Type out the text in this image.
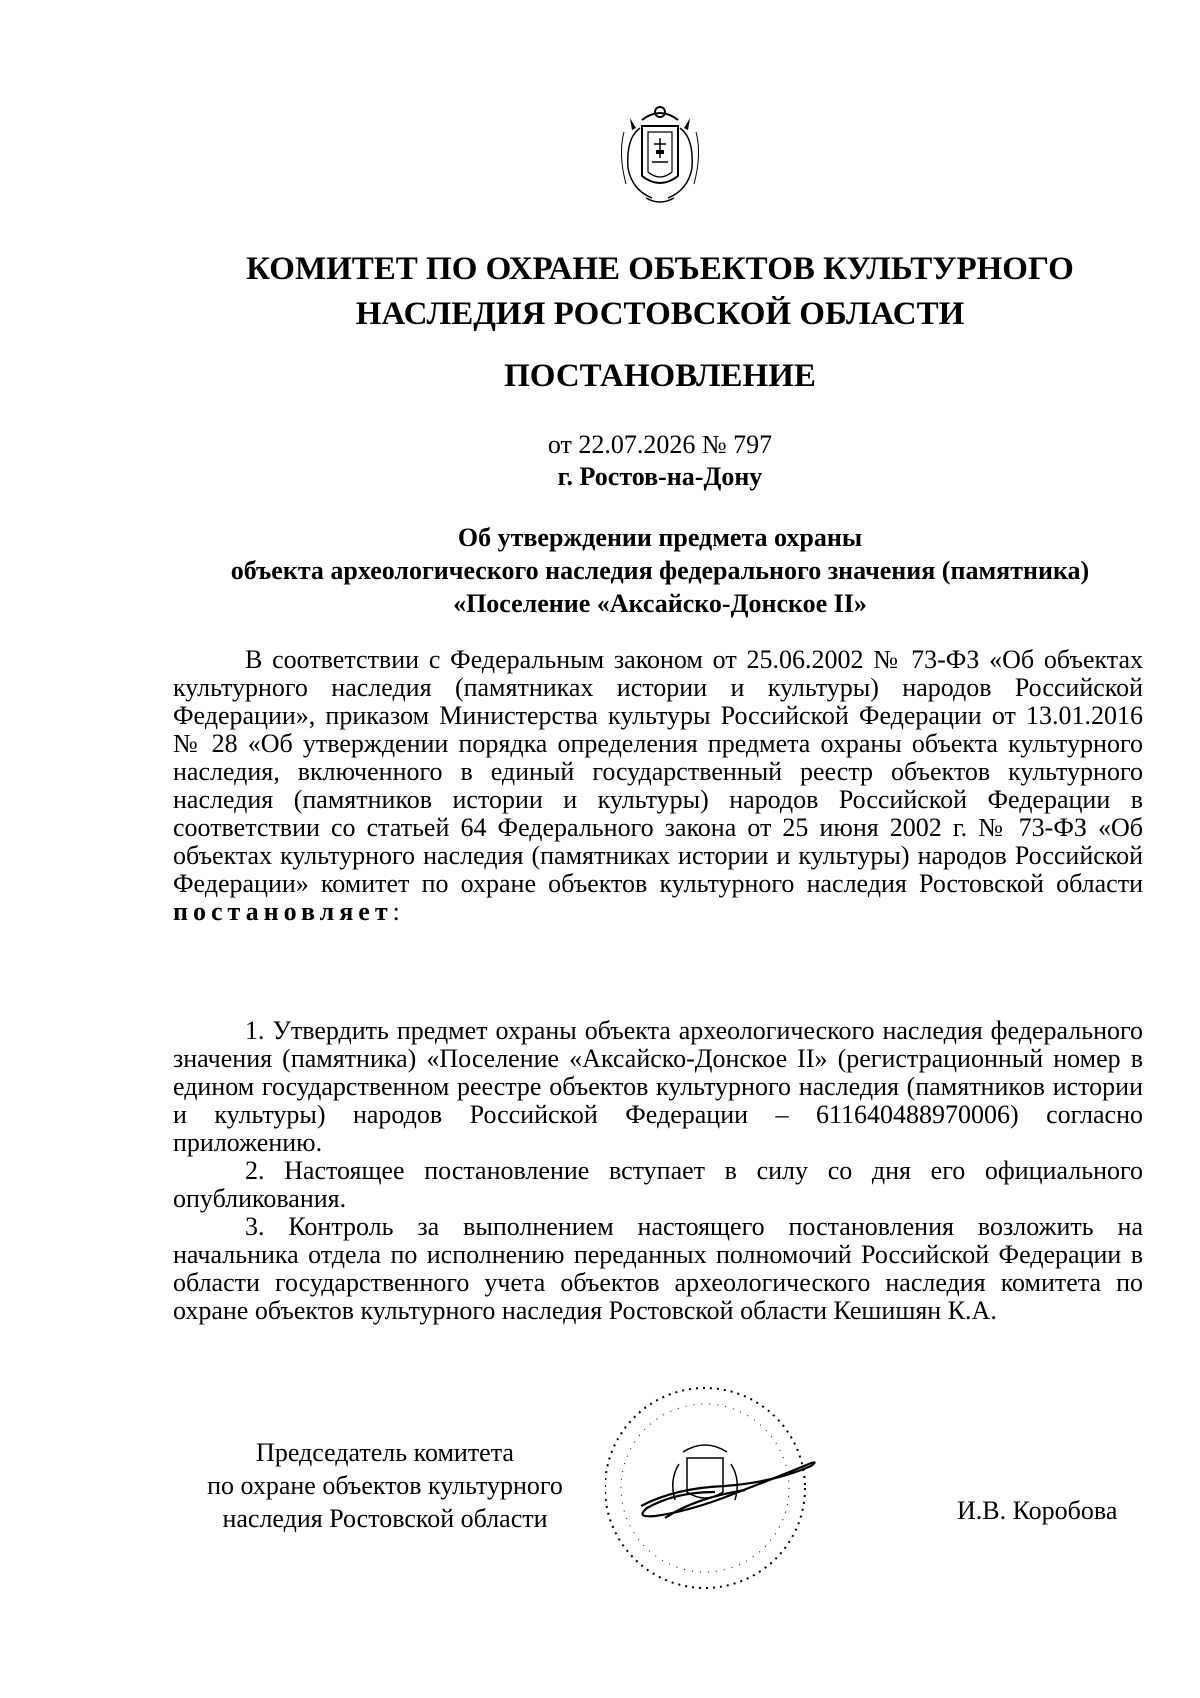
КОМИТЕТ ПО ОХРАНЕ ОБЪЕКТОВ КУЛЬТУРНОГО
НАСЛЕДИЯ РОСТОВСКОЙ ОБЛАСТИ
ПОСТАНОВЛЕНИЕ
от 22.07.2026 № 797
г. Ростов-на-Дону
Об утверждении предмета охраны
объекта археологического наследия федерального значения (памятника)
«Поселение «Аксайско-Донское II»

В соответствии с Федеральным законом от 25.06.2002 № 73-ФЗ «Об объектах культурного наследия (памятниках истории и культуры) народов Российской Федерации», приказом Министерства культуры Российской Федерации от 13.01.2016 № 28 «Об утверждении порядка определения предмета охраны объекта культурного наследия, включенного в единый государственный реестр объектов культурного наследия (памятников истории и культуры) народов Российской Федерации в соответствии со статьей 64 Федерального закона от 25 июня 2002 г. № 73-ФЗ «Об объектах культурного наследия (памятниках истории и культуры) народов Российской Федерации» комитет по охране объектов культурного наследия Ростовской области постановляет:

1. Утвердить предмет охраны объекта археологического наследия федерального значения (памятника) «Поселение «Аксайско-Донское II» (регистрационный номер в едином государственном реестре объектов культурного наследия (памятников истории и культуры) народов Российской Федерации – 611640488970006) согласно приложению.

2. Настоящее постановление вступает в силу со дня его официального опубликования.

3. Контроль за выполнением настоящего постановления возложить на начальника отдела по исполнению переданных полномочий Российской Федерации в области государственного учета объектов археологического наследия комитета по охране объектов культурного наследия Ростовской области Кешишян К.А.

Председатель комитета
по охране объектов культурного
наследия Ростовской области	И.В. Коробова
